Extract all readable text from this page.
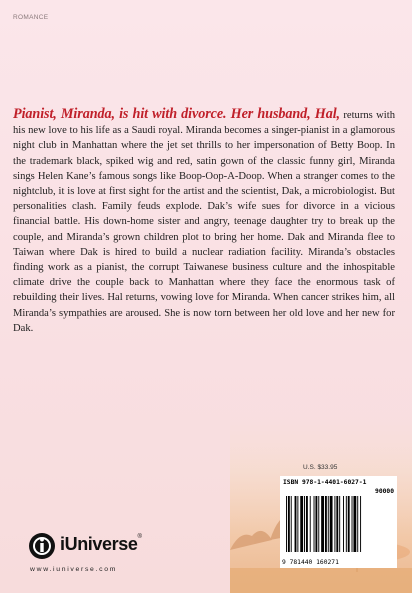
ROMANCE
Pianist, Miranda, is hit with divorce. Her husband, Hal, returns with his new love to his life as a Saudi royal. Miranda becomes a singer-pianist in a glamorous night club in Manhattan where the jet set thrills to her impersonation of Betty Boop. In the trademark black, spiked wig and red, satin gown of the classic funny girl, Miranda sings Helen Kane’s famous songs like Boop-Oop-A-Doop. When a stranger comes to the nightclub, it is love at first sight for the artist and the scientist, Dak, a microbiologist. But personalities clash. Family feuds explode. Dak’s wife sues for divorce in a vicious financial battle. His down-home sister and angry, teenage daughter try to break up the couple, and Miranda’s grown children plot to bring her home. Dak and Miranda flee to Taiwan where Dak is hired to build a nuclear radiation facility. Miranda’s obstacles finding work as a pianist, the corrupt Taiwanese business culture and the inhospitable climate drive the couple back to Manhattan where they face the enormous task of rebuilding their lives. Hal returns, vowing love for Miranda. When cancer strikes him, all Miranda’s sympathies are aroused. She is now torn between her old love and her new for Dak.
U.S. $33.95
ISBN 978-1-4401-6027-1
90000
9 781440 160271
iUniverse®
www.iuniverse.com
